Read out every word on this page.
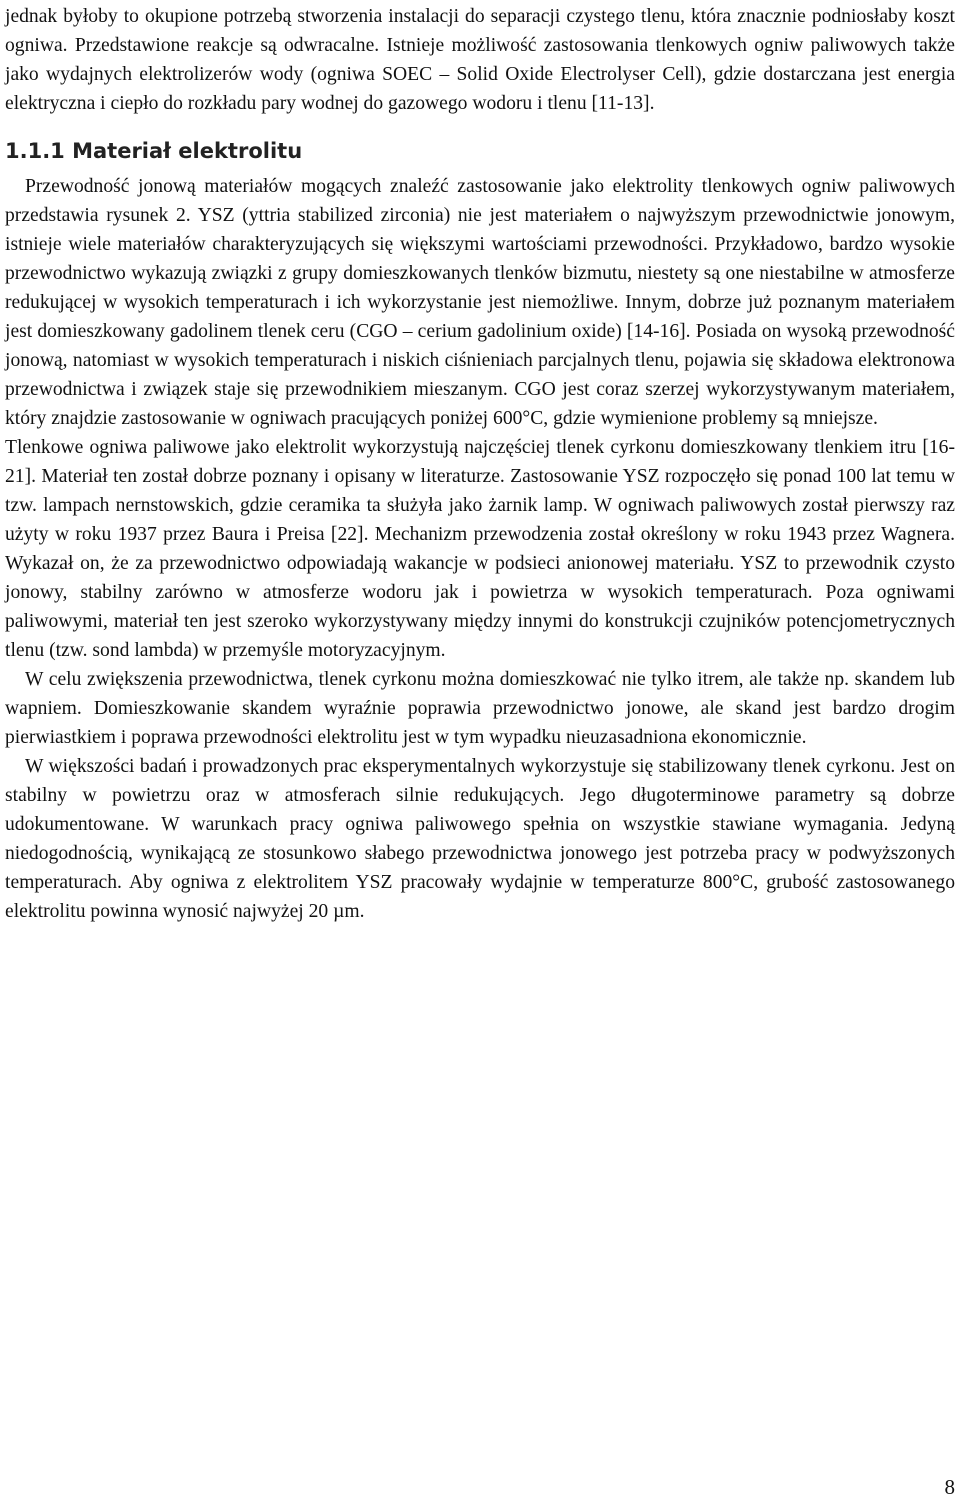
jednak byłoby to okupione potrzebą stworzenia instalacji do separacji czystego tlenu, która znacznie podniosłaby koszt ogniwa. Przedstawione reakcje są odwracalne. Istnieje możliwość zastosowania tlenkowych ogniw paliwowych także jako wydajnych elektrolizerów wody (ogniwa SOEC – Solid Oxide Electrolyser Cell), gdzie dostarczana jest energia elektryczna i ciepło do rozkładu pary wodnej do gazowego wodoru i tlenu [11-13].

1.1.1 Materiał elektrolitu

Przewodność jonową materiałów mogących znaleźć zastosowanie jako elektrolity tlenkowych ogniw paliwowych przedstawia rysunek 2. YSZ (yttria stabilized zirconia) nie jest materiałem o najwyższym przewodnictwie jonowym, istnieje wiele materiałów charakteryzujących się większymi wartościami przewodności. Przykładowo, bardzo wysokie przewodnictwo wykazują związki z grupy domieszkowanych tlenków bizmutu, niestety są one niestabilne w atmosferze redukującej w wysokich temperaturach i ich wykorzystanie jest niemożliwe. Innym, dobrze już poznanym materiałem jest domieszkowany gadolinem tlenek ceru (CGO – cerium gadolinium oxide) [14-16]. Posiada on wysoką przewodność jonową, natomiast w wysokich temperaturach i niskich ciśnieniach parcjalnych tlenu, pojawia się składowa elektronowa przewodnictwa i związek staje się przewodnikiem mieszanym. CGO jest coraz szerzej wykorzystywanym materiałem, który znajdzie zastosowanie w ogniwach pracujących poniżej 600°C, gdzie wymienione problemy są mniejsze.

Tlenkowe ogniwa paliwowe jako elektrolit wykorzystują najczęściej tlenek cyrkonu domieszkowany tlenkiem itru [16-21]. Materiał ten został dobrze poznany i opisany w literaturze. Zastosowanie YSZ rozpoczęło się ponad 100 lat temu w tzw. lampach nernstowskich, gdzie ceramika ta służyła jako żarnik lamp. W ogniwach paliwowych został pierwszy raz użyty w roku 1937 przez Baura i Preisa [22]. Mechanizm przewodzenia został określony w roku 1943 przez Wagnera. Wykazał on, że za przewodnictwo odpowiadają wakancje w podsieci anionowej materiału. YSZ to przewodnik czysto jonowy, stabilny zarówno w atmosferze wodoru jak i powietrza w wysokich temperaturach. Poza ogniwami paliwowymi, materiał ten jest szeroko wykorzystywany między innymi do konstrukcji czujników potencjometrycznych tlenu (tzw. sond lambda) w przemyśle motoryzacyjnym.

W celu zwiększenia przewodnictwa, tlenek cyrkonu można domieszkować nie tylko itrem, ale także np. skandem lub wapniem. Domieszkowanie skandem wyraźnie poprawia przewodnictwo jonowe, ale skand jest bardzo drogim pierwiastkiem i poprawa przewodności elektrolitu jest w tym wypadku nieuzasadniona ekonomicznie.

W większości badań i prowadzonych prac eksperymentalnych wykorzystuje się stabilizowany tlenek cyrkonu. Jest on stabilny w powietrzu oraz w atmosferach silnie redukujących. Jego długoterminowe parametry są dobrze udokumentowane. W warunkach pracy ogniwa paliwowego spełnia on wszystkie stawiane wymagania. Jedyną niedogodnością, wynikającą ze stosunkowo słabego przewodnictwa jonowego jest potrzeba pracy w podwyższonych temperaturach. Aby ogniwa z elektrolitem YSZ pracowały wydajnie w temperaturze 800°C, grubość zastosowanego elektrolitu powinna wynosić najwyżej 20 µm.

8
